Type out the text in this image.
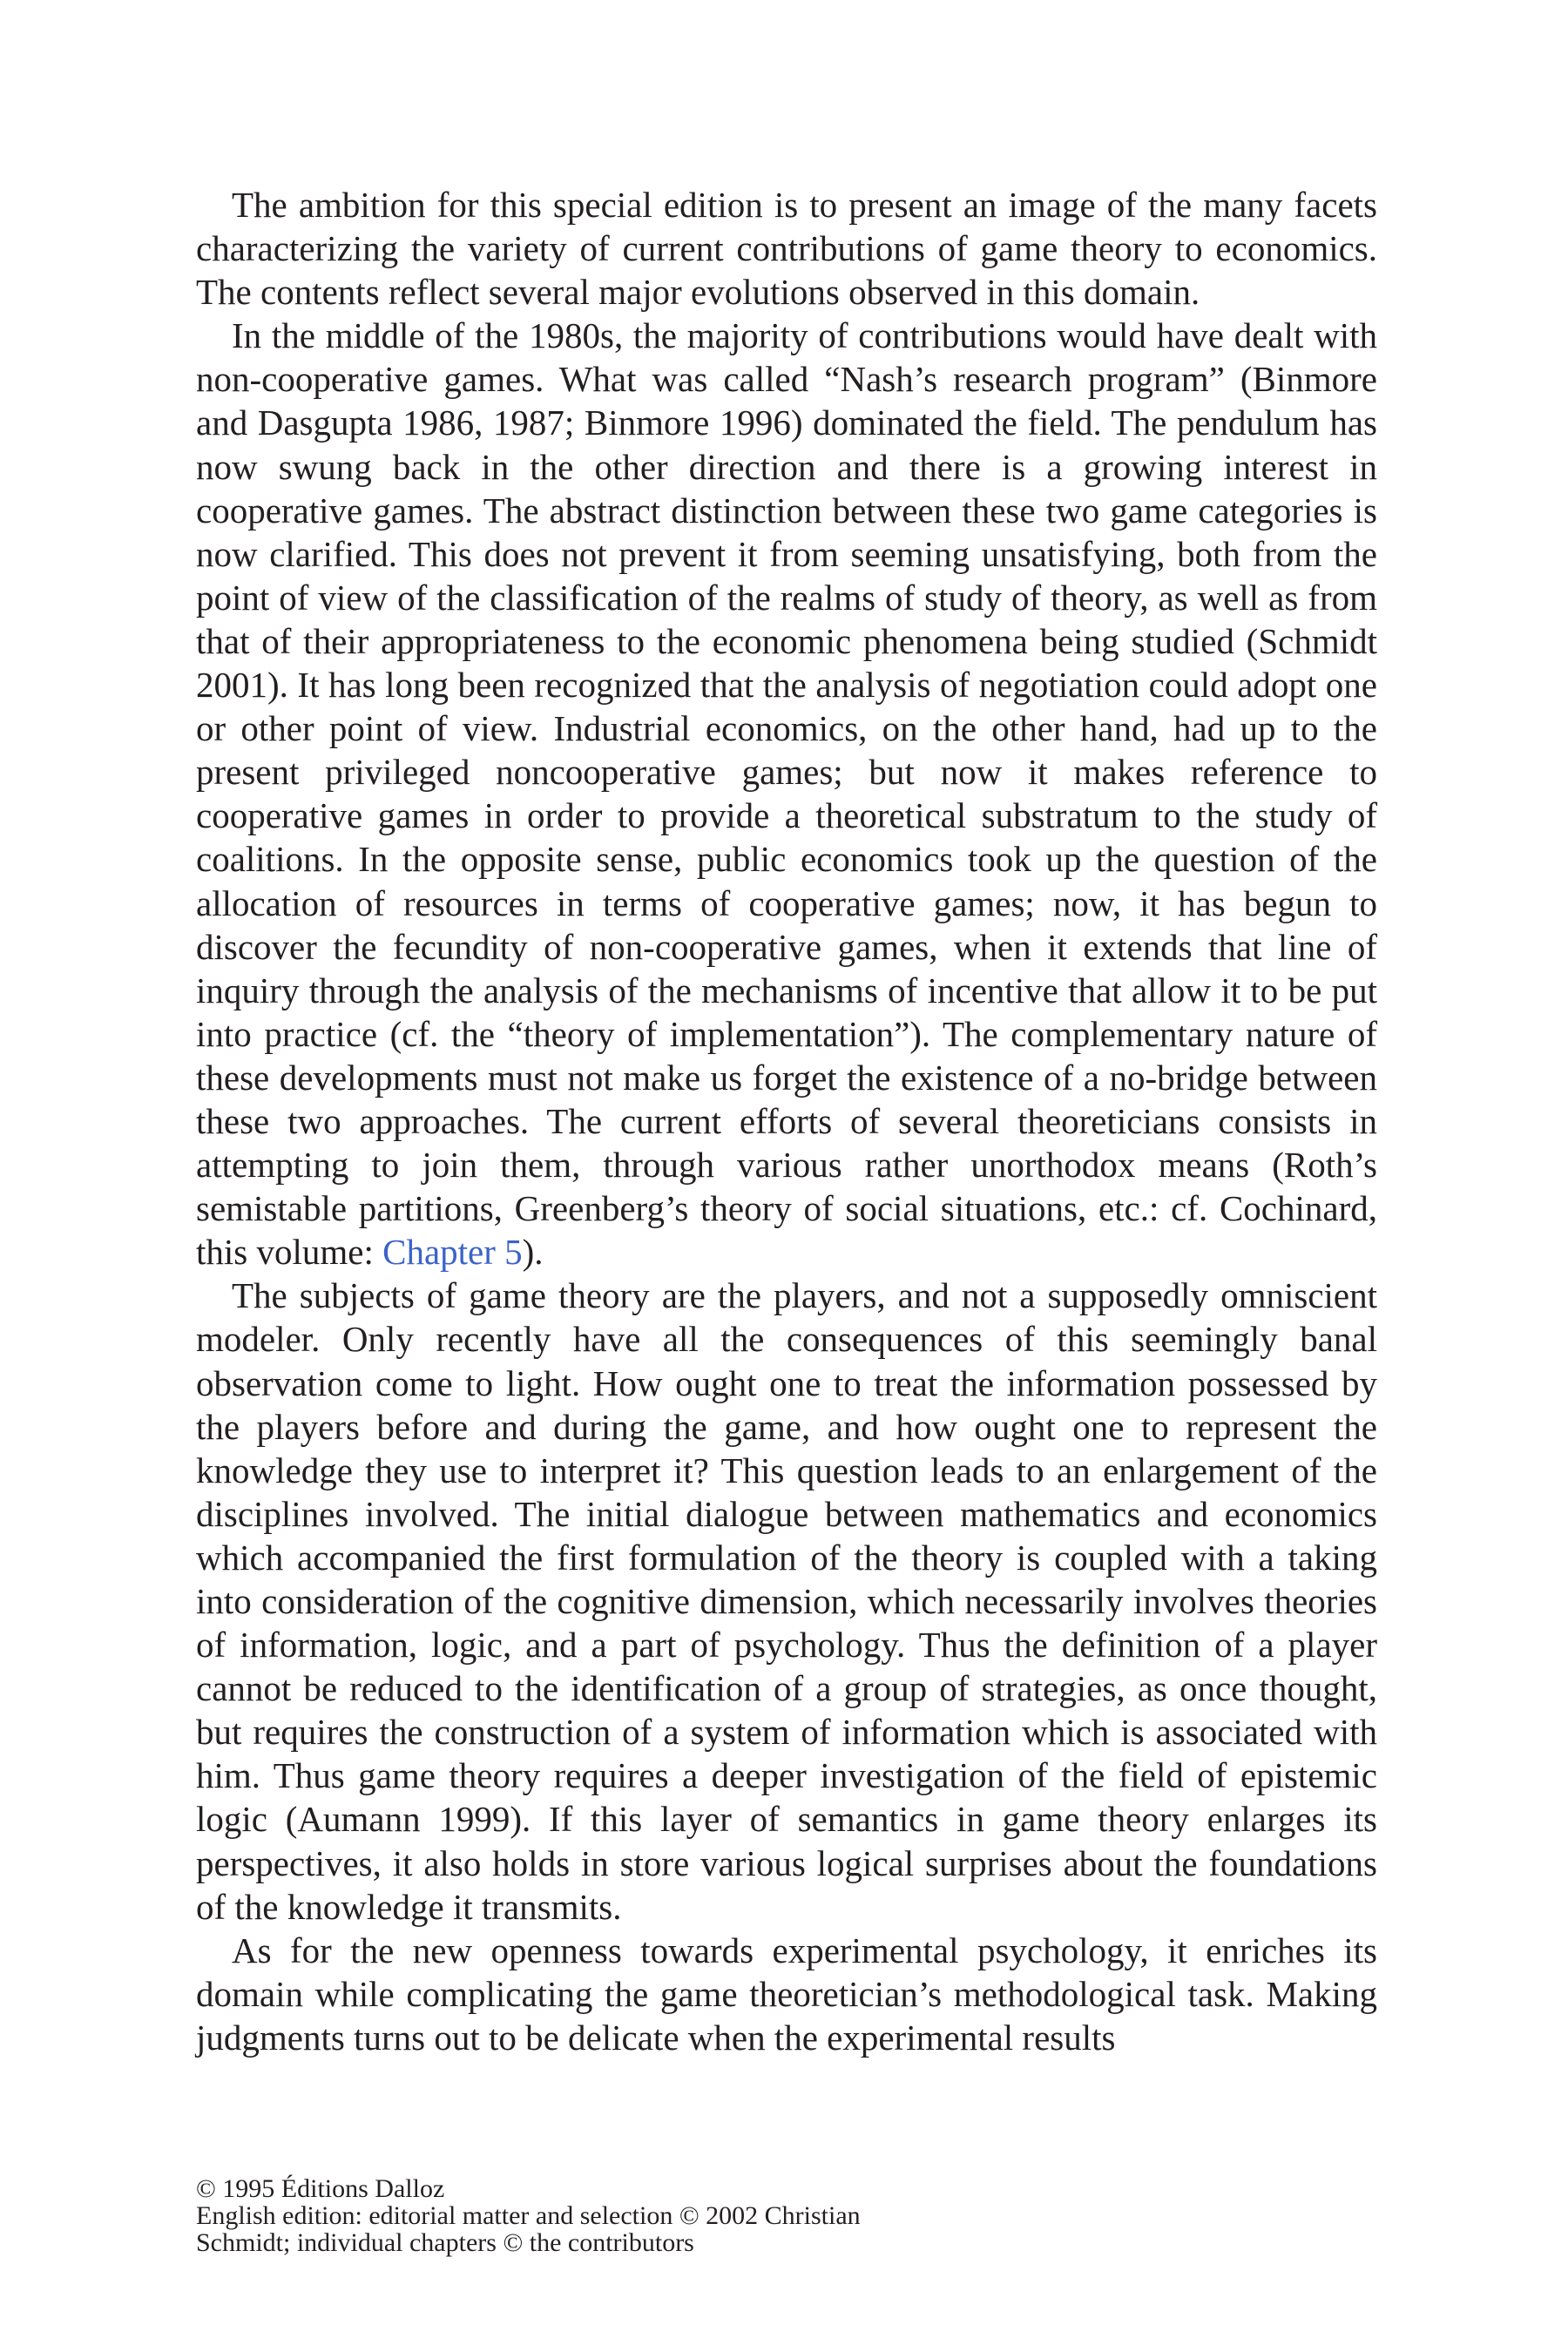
The ambition for this special edition is to present an image of the many facets characterizing the variety of current contributions of game theory to economics. The contents reflect several major evolutions observed in this domain.

In the middle of the 1980s, the majority of contributions would have dealt with non-cooperative games. What was called “Nash’s research program” (Binmore and Dasgupta 1986, 1987; Binmore 1996) dominated the field. The pendulum has now swung back in the other direction and there is a growing interest in cooperative games. The abstract distinction between these two game categories is now clarified. This does not prevent it from seeming unsatisfying, both from the point of view of the classification of the realms of study of theory, as well as from that of their appropriateness to the economic phenomena being studied (Schmidt 2001). It has long been recognized that the analysis of negotiation could adopt one or other point of view. Industrial economics, on the other hand, had up to the present privileged noncooperative games; but now it makes reference to cooperative games in order to provide a theoretical substratum to the study of coalitions. In the opposite sense, public economics took up the question of the allocation of resources in terms of cooperative games; now, it has begun to discover the fecundity of non-cooperative games, when it extends that line of inquiry through the analysis of the mechanisms of incentive that allow it to be put into practice (cf. the “theory of implementation”). The complementary nature of these developments must not make us forget the existence of a no-bridge between these two approaches. The current efforts of several theoreticians consists in attempting to join them, through various rather unorthodox means (Roth’s semistable partitions, Greenberg’s theory of social situations, etc.: cf. Cochinard, this volume: Chapter 5).

The subjects of game theory are the players, and not a supposedly omniscient modeler. Only recently have all the consequences of this seemingly banal observation come to light. How ought one to treat the information possessed by the players before and during the game, and how ought one to represent the knowledge they use to interpret it? This question leads to an enlargement of the disciplines involved. The initial dialogue between mathematics and economics which accompanied the first formulation of the theory is coupled with a taking into consideration of the cognitive dimension, which necessarily involves theories of information, logic, and a part of psychology. Thus the definition of a player cannot be reduced to the identification of a group of strategies, as once thought, but requires the construction of a system of information which is associated with him. Thus game theory requires a deeper investigation of the field of epistemic logic (Aumann 1999). If this layer of semantics in game theory enlarges its perspectives, it also holds in store various logical surprises about the foundations of the knowledge it transmits.

As for the new openness towards experimental psychology, it enriches its domain while complicating the game theoretician’s methodological task. Making judgments turns out to be delicate when the experimental results

© 1995 Éditions Dalloz
English edition: editorial matter and selection © 2002 Christian
Schmidt; individual chapters © the contributors
